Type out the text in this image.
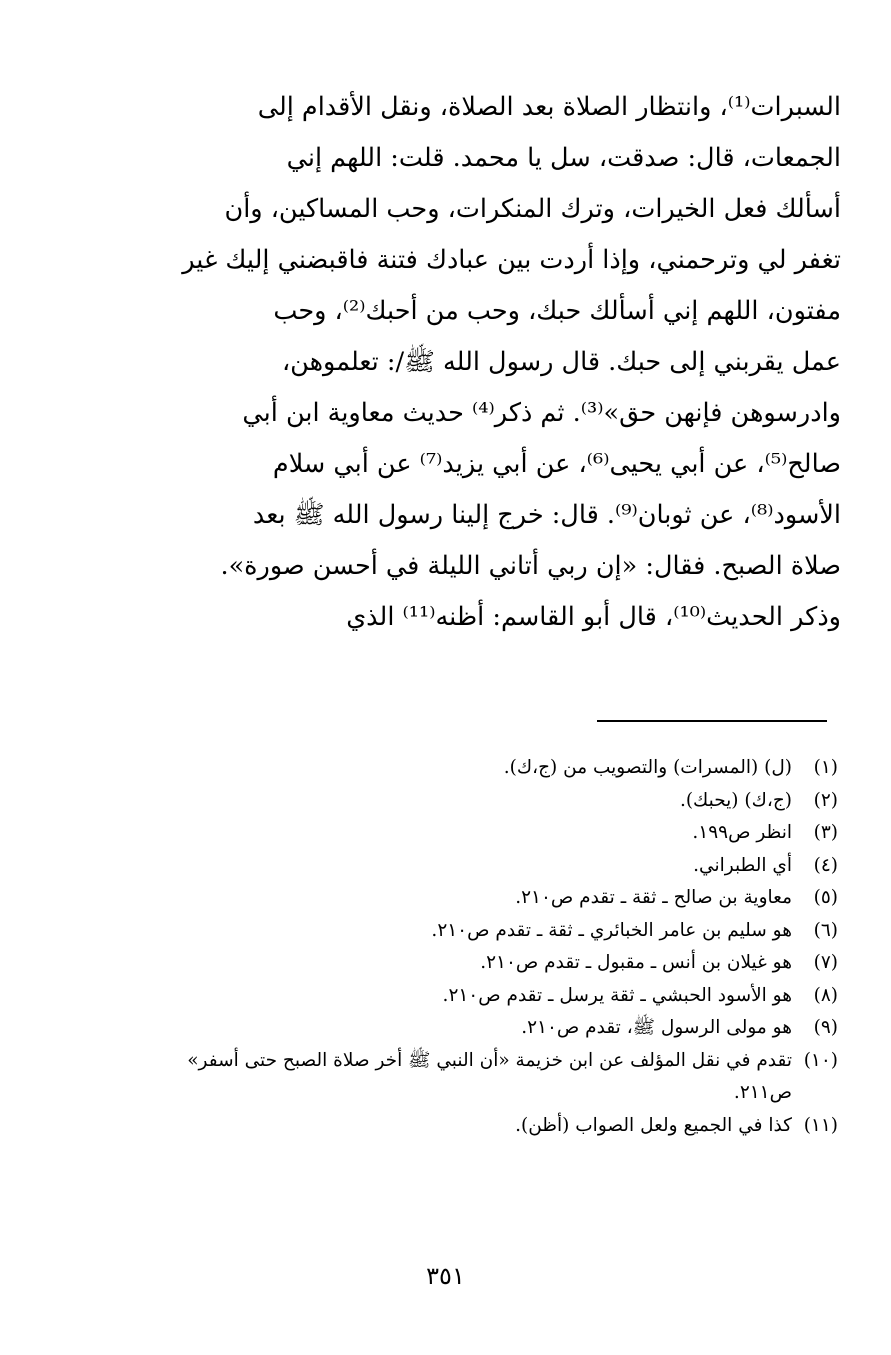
السبرات⁽¹⁾، وانتظار الصلاة بعد الصلاة، ونقل الأقدام إلى
الجمعات، قال: صدقت، سل يا محمد. قلت: اللهم إني
أسألك فعل الخيرات، وترك المنكرات، وحب المساكين، وأن
تغفر لي وترحمني، وإذا أردت بين عبادك فتنة فاقبضني إليك غير
مفتون، اللهم إني أسألك حبك، وحب من أحبك⁽²⁾، وحب
عمل يقربني إلى حبك. قال رسول الله ﷺ/: تعلموهن،
وادرسوهن فإنهن حق»⁽³⁾. ثم ذكر⁽⁴⁾ حديث معاوية ابن أبي
صالح⁽⁵⁾، عن أبي يحيى⁽⁶⁾، عن أبي يزيد⁽⁷⁾ عن أبي سلام
الأسود⁽⁸⁾، عن ثوبان⁽⁹⁾. قال: خرج إلينا رسول الله ﷺ بعد
صلاة الصبح. فقال: «إن ربي أتاني الليلة في أحسن صورة».
وذكر الحديث⁽¹⁰⁾، قال أبو القاسم: أظنه⁽¹¹⁾ الذي
(١)
(ل) (المسرات) والتصويب من (ج،ك).
(٢)
(ج،ك) (يحبك).
(٣)
انظر ص١٩٩.
(٤)
أي الطبراني.
(٥)
معاوية بن صالح ـ ثقة ـ تقدم ص٢١٠.
(٦)
هو سليم بن عامر الخبائري ـ ثقة ـ تقدم ص٢١٠.
(٧)
هو غيلان بن أنس ـ مقبول ـ تقدم ص٢١٠.
(٨)
هو الأسود الحبشي ـ ثقة يرسل ـ تقدم ص٢١٠.
(٩)
هو مولى الرسول ﷺ، تقدم ص٢١٠.
(١٠)
تقدم في نقل المؤلف عن ابن خزيمة «أن النبي ﷺ أخر صلاة الصبح حتى أسفر» ص٢١١.
(١١)
كذا في الجميع ولعل الصواب (أظن).
٣٥١
